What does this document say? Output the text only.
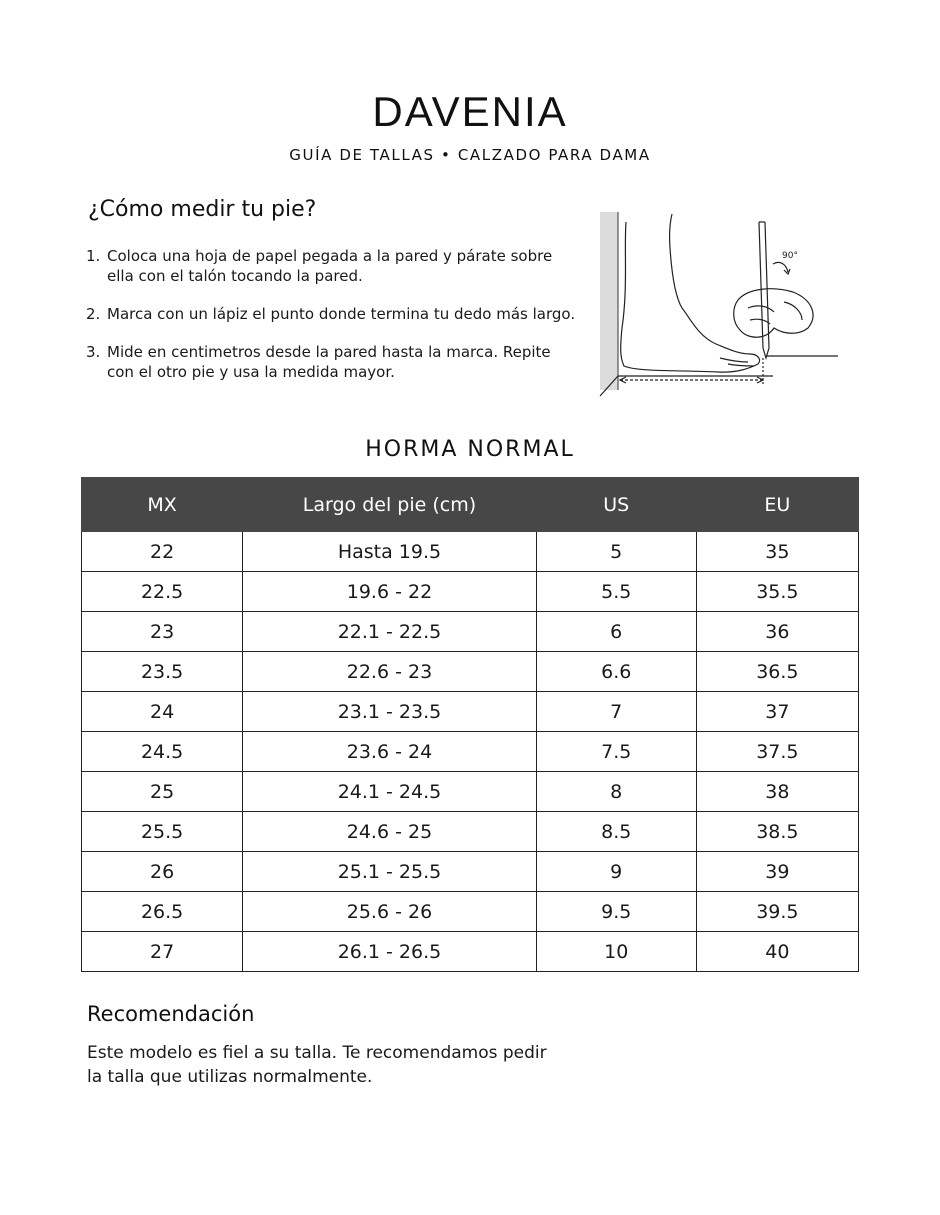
DAVENIA
GUÍA DE TALLAS • CALZADO PARA DAMA
¿Cómo medir tu pie?
1. Coloca una hoja de papel pegada a la pared y párate sobre ella con el talón tocando la pared.
2. Marca con un lápiz el punto donde termina tu dedo más largo.
3. Mide en centimetros desde la pared hasta la marca. Repite con el otro pie y usa la medida mayor.
90°
HORMA NORMAL
MX	Largo del pie (cm)	US	EU
22	Hasta 19.5	5	35
22.5	19.6 - 22	5.5	35.5
23	22.1 - 22.5	6	36
23.5	22.6 - 23	6.6	36.5
24	23.1 - 23.5	7	37
24.5	23.6 - 24	7.5	37.5
25	24.1 - 24.5	8	38
25.5	24.6 - 25	8.5	38.5
26	25.1 - 25.5	9	39
26.5	25.6 - 26	9.5	39.5
27	26.1 - 26.5	10	40
Recomendación
Este modelo es fiel a su talla. Te recomendamos pedir
la talla que utilizas normalmente.
